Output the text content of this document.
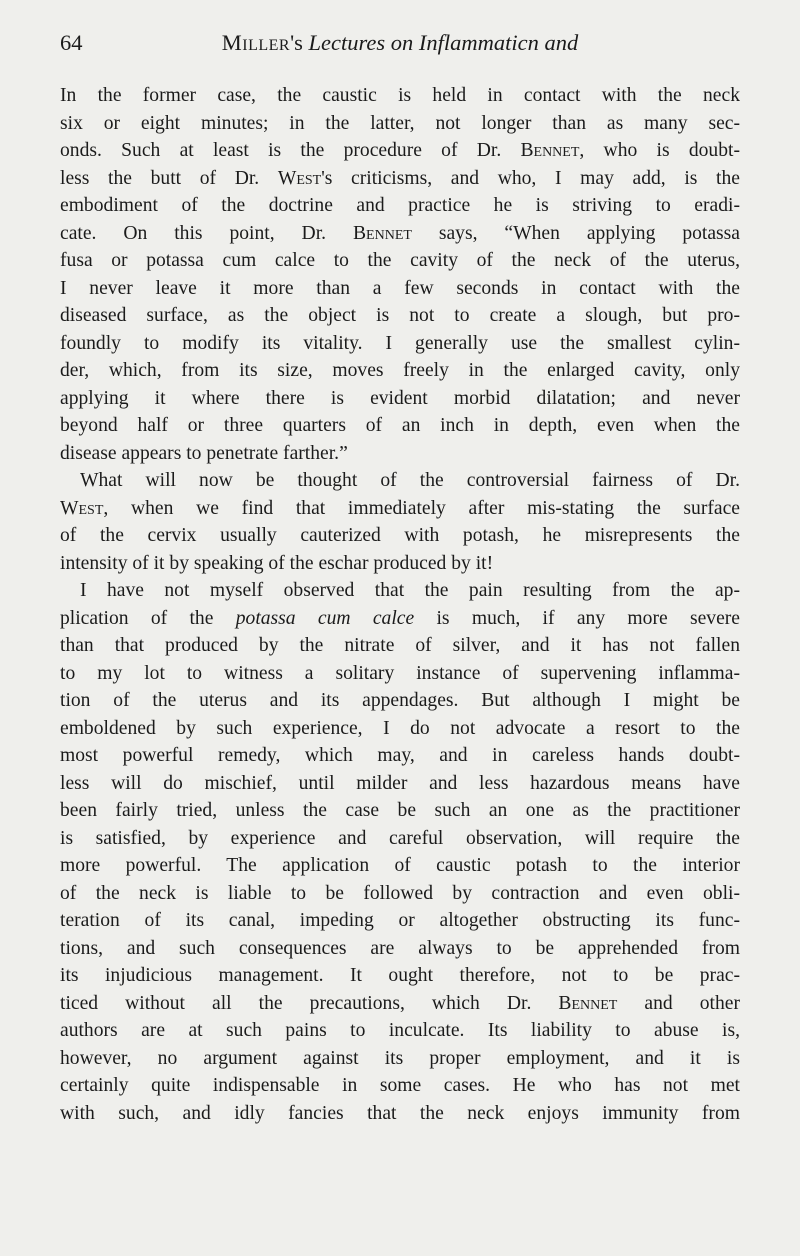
64	Miller's Lectures on Inflammaticn and
In the former case, the caustic is held in contact with the neck
six or eight minutes; in the latter, not longer than as many sec-
onds. Such at least is the procedure of Dr. Bennet, who is doubt-
less the butt of Dr. West's criticisms, and who, I may add, is the
embodiment of the doctrine and practice he is striving to eradi-
cate. On this point, Dr. Bennet says, “When applying potassa
fusa or potassa cum calce to the cavity of the neck of the uterus,
I never leave it more than a few seconds in contact with the
diseased surface, as the object is not to create a slough, but pro-
foundly to modify its vitality. I generally use the smallest cylin-
der, which, from its size, moves freely in the enlarged cavity, only
applying it where there is evident morbid dilatation; and never
beyond half or three quarters of an inch in depth, even when the
disease appears to penetrate farther.”
What will now be thought of the controversial fairness of Dr.
West, when we find that immediately after mis-stating the surface
of the cervix usually cauterized with potash, he misrepresents the
intensity of it by speaking of the eschar produced by it!
I have not myself observed that the pain resulting from the ap-
plication of the potassa cum calce is much, if any more severe
than that produced by the nitrate of silver, and it has not fallen
to my lot to witness a solitary instance of supervening inflamma-
tion of the uterus and its appendages. But although I might be
emboldened by such experience, I do not advocate a resort to the
most powerful remedy, which may, and in careless hands doubt-
less will do mischief, until milder and less hazardous means have
been fairly tried, unless the case be such an one as the practitioner
is satisfied, by experience and careful observation, will require the
more powerful. The application of caustic potash to the interior
of the neck is liable to be followed by contraction and even obli-
teration of its canal, impeding or altogether obstructing its func-
tions, and such consequences are always to be apprehended from
its injudicious management. It ought therefore, not to be prac-
ticed without all the precautions, which Dr. Bennet and other
authors are at such pains to inculcate. Its liability to abuse is,
however, no argument against its proper employment, and it is
certainly quite indispensable in some cases. He who has not met
with such, and idly fancies that the neck enjoys immunity from
